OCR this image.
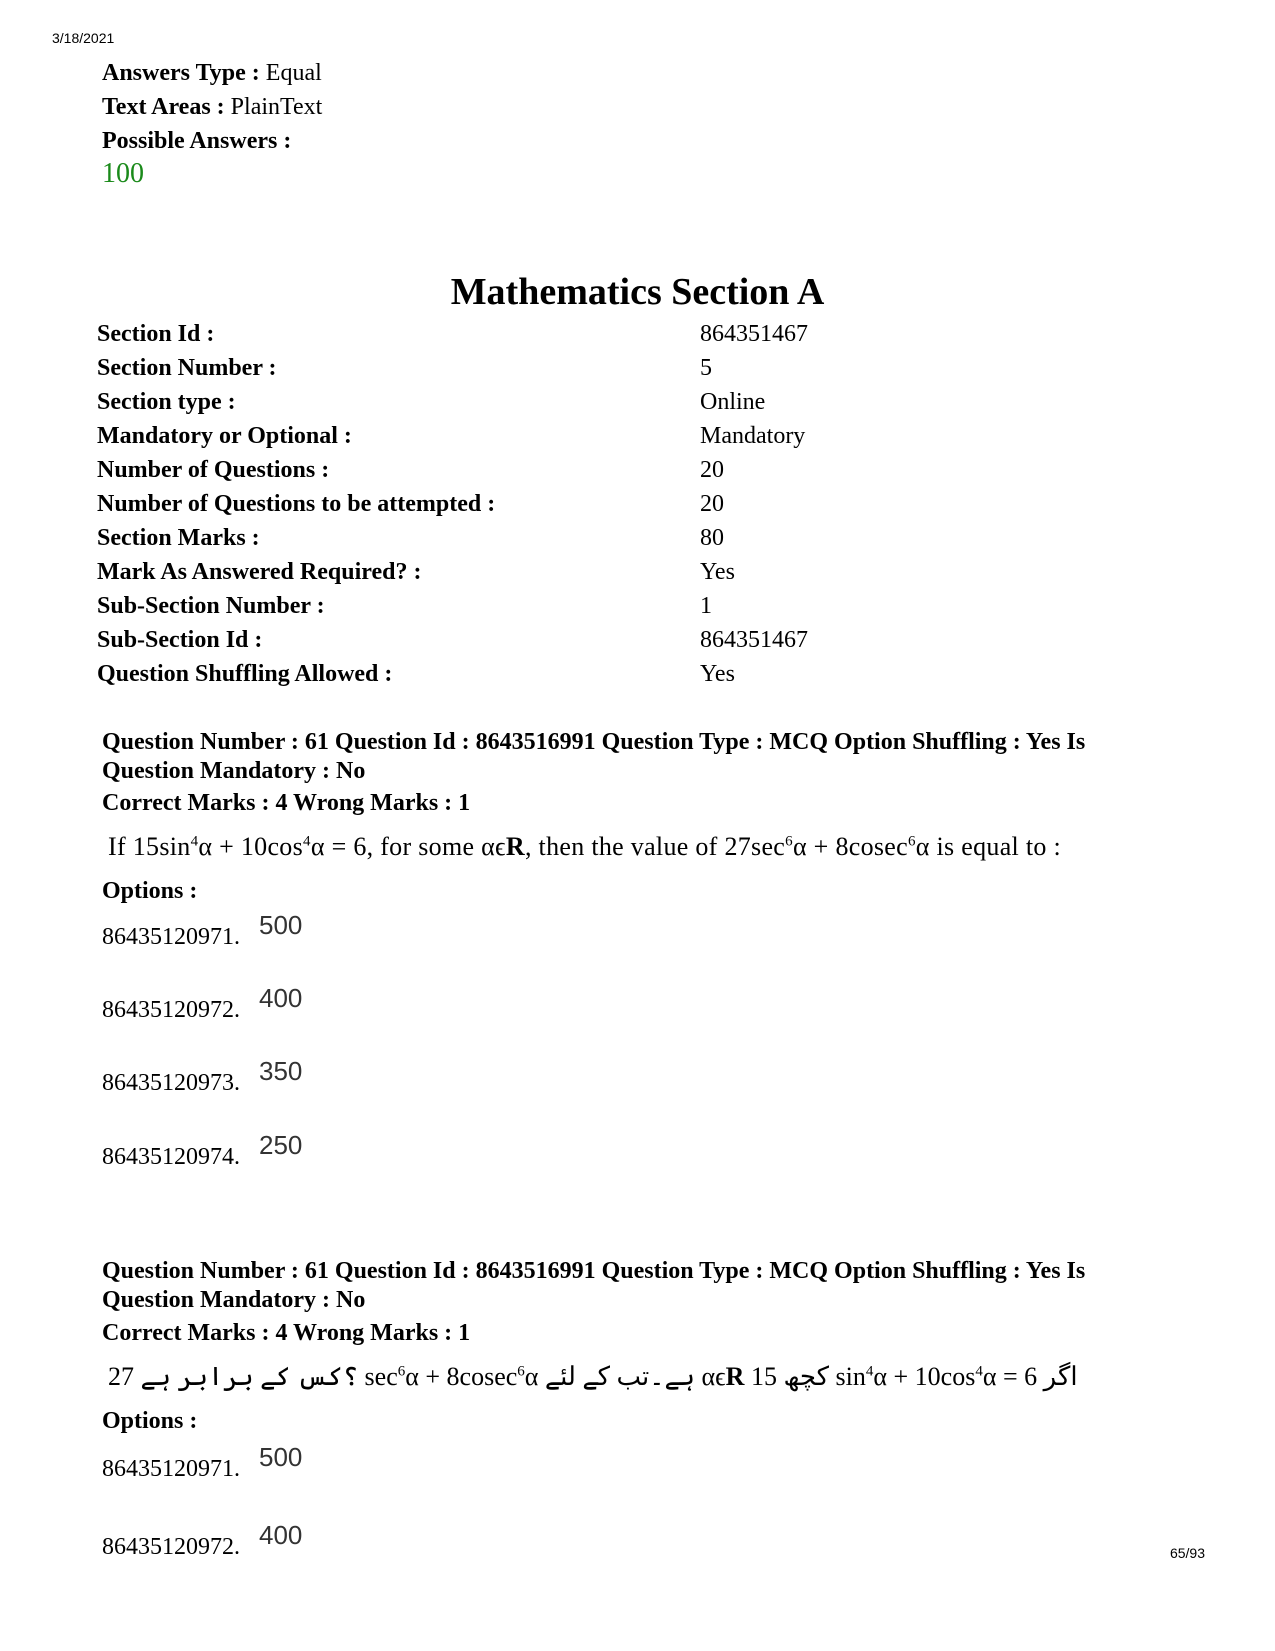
3/18/2021
Answers Type : Equal
Text Areas : PlainText
Possible Answers :
100
Mathematics Section A
Section Id :	864351467
Section Number :	5
Section type :	Online
Mandatory or Optional :	Mandatory
Number of Questions :	20
Number of Questions to be attempted :	20
Section Marks :	80
Mark As Answered Required? :	Yes
Sub-Section Number :	1
Sub-Section Id :	864351467
Question Shuffling Allowed :	Yes
Question Number : 61 Question Id : 8643516991 Question Type : MCQ Option Shuffling : Yes Is Question Mandatory : No
Correct Marks : 4 Wrong Marks : 1
If $15\sin^4\alpha + 10\cos^4\alpha = 6$, for some αϵR, then the value of $27\sec^6\alpha + 8cosec^6\alpha$ is equal to :
Options :
86435120971. 500
86435120972. 400
86435120973. 350
86435120974. 250
Question Number : 61 Question Id : 8643516991 Question Type : MCQ Option Shuffling : Yes Is Question Mandatory : No
Correct Marks : 4 Wrong Marks : 1
؟کس کے برابر ہے 27 $\sec^6\alpha + 8cosec^6\alpha$	ہے۔تب کے لئے αϵR کچھ 15 $\sin^4\alpha + 10\cos^4\alpha = 6$ اگر
Options :
86435120971. 500
86435120972. 400
65/93
